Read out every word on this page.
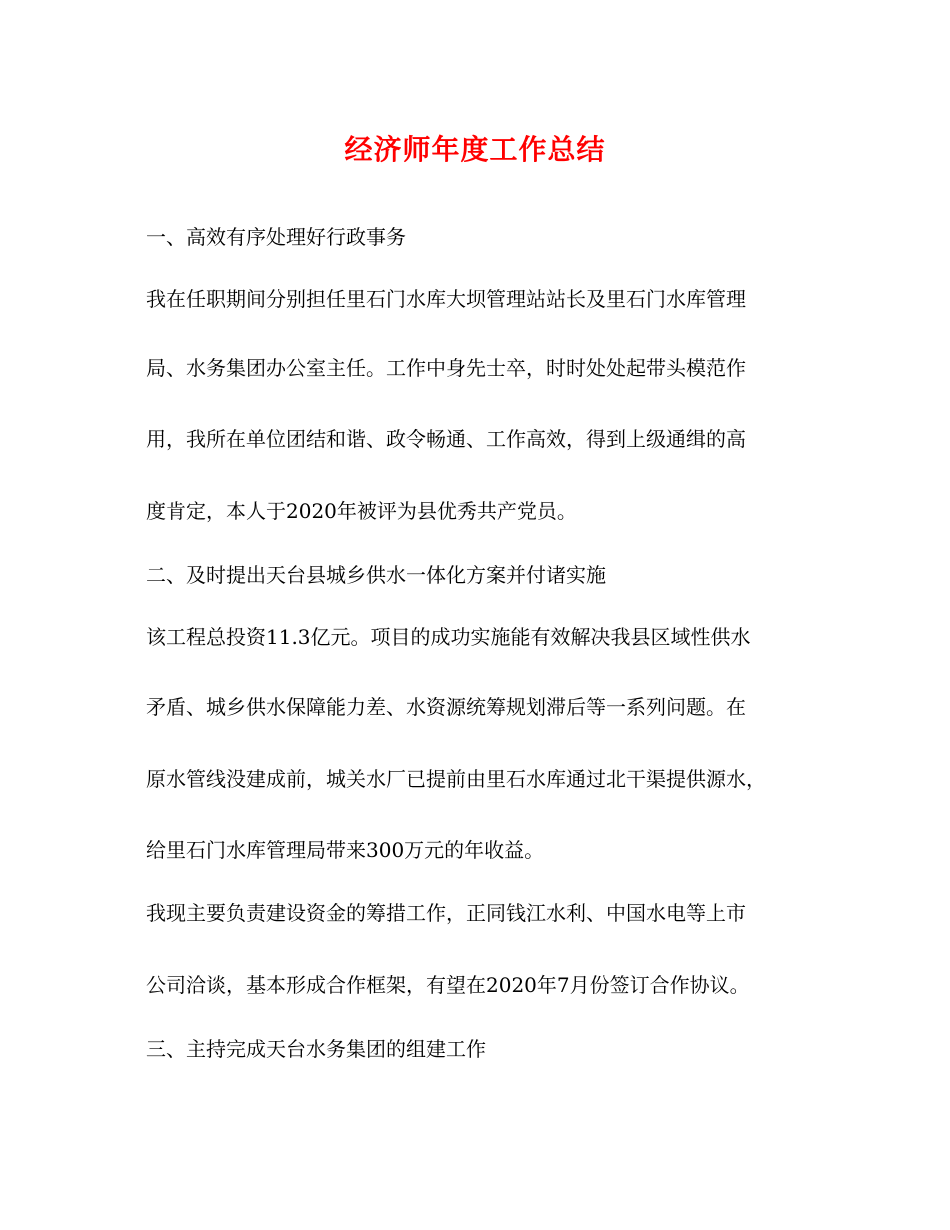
经济师年度工作总结
一、高效有序处理好行政事务
我在任职期间分别担任里石门水库大坝管理站站长及里石门水库管理
局、水务集团办公室主任。工作中身先士卒，时时处处起带头模范作
用，我所在单位团结和谐、政令畅通、工作高效，得到上级通缉的高
度肯定，本人于2020年被评为县优秀共产党员。
二、及时提出天台县城乡供水一体化方案并付诸实施
该工程总投资11.3亿元。项目的成功实施能有效解决我县区域性供水
矛盾、城乡供水保障能力差、水资源统筹规划滞后等一系列问题。在
原水管线没建成前，城关水厂已提前由里石水库通过北干渠提供源水，
给里石门水库管理局带来300万元的年收益。
我现主要负责建设资金的筹措工作，正同钱江水利、中国水电等上市
公司洽谈，基本形成合作框架，有望在2020年7月份签订合作协议。
三、主持完成天台水务集团的组建工作
